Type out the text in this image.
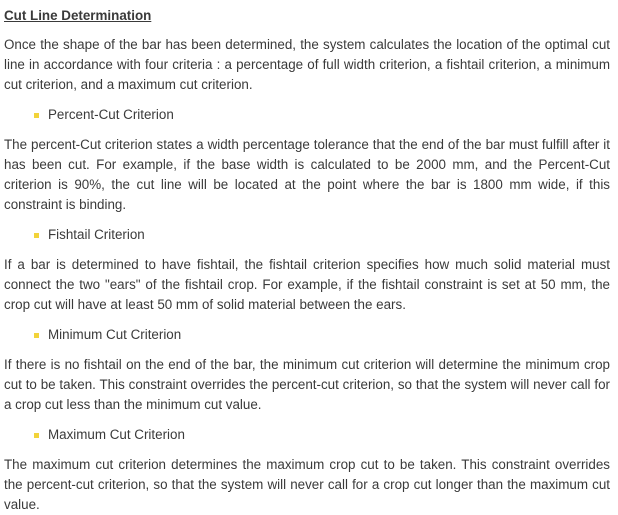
Cut Line Determination

Once the shape of the bar has been determined, the system calculates the location of the optimal cut line in accordance with four criteria : a percentage of full width criterion, a fishtail criterion, a minimum cut criterion, and a maximum cut criterion.

Percent-Cut Criterion

The percent-Cut criterion states a width percentage tolerance that the end of the bar must fulfill after it has been cut. For example, if the base width is calculated to be 2000 mm, and the Percent-Cut criterion is 90%, the cut line will be located at the point where the bar is 1800 mm wide, if this constraint is binding.

Fishtail Criterion

If a bar is determined to have fishtail, the fishtail criterion specifies how much solid material must connect the two "ears" of the fishtail crop. For example, if the fishtail constraint is set at 50 mm, the crop cut will have at least 50 mm of solid material between the ears.

Minimum Cut Criterion

If there is no fishtail on the end of the bar, the minimum cut criterion will determine the minimum crop cut to be taken. This constraint overrides the percent-cut criterion, so that the system will never call for a crop cut less than the minimum cut value.

Maximum Cut Criterion

The maximum cut criterion determines the maximum crop cut to be taken. This constraint overrides the percent-cut criterion, so that the system will never call for a crop cut longer than the maximum cut value.
